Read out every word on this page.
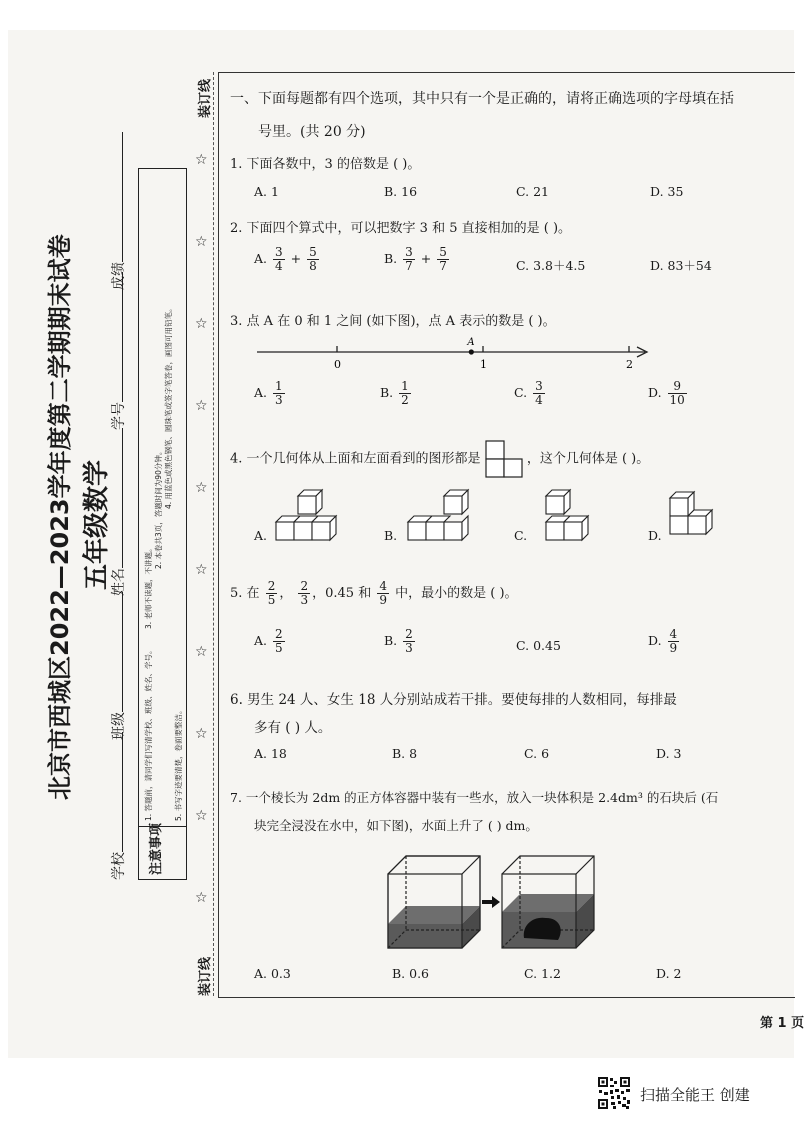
北京市西城区2022—2023学年度第二学期期末试卷 五年级数学
学校
班级
姓名
学号
成绩
注意事项
1. 答题前，请同学们写清学校、班级、姓名、学号。
2. 本卷共3页，答题时间为90分钟。
3. 老师不读题，不讲题。
4. 用蓝色或黑色钢笔、圆珠笔或签字笔答卷，画图可用铅笔。
5. 书写字迹要清楚，卷面要整洁。
装订线
装订线
☆
☆
☆
☆
☆
☆
☆
☆
☆
☆
一、下面每题都有四个选项，其中只有一个是正确的，请将正确选项的字母填在括
号里。(共 20 分)
1. 下面各数中，3 的倍数是 ( )。
A. 1	B. 16	C. 21	D. 35
2. 下面四个算式中，可以把数字 3 和 5 直接相加的是 ( )。
A. $\frac{3}{4} + \frac{5}{8}$	B. $\frac{3}{7} + \frac{5}{7}$	C. 3.8＋4.5	D. 83＋54
3. 点 A 在 0 和 1 之间 (如下图)，点 A 表示的数是 ( )。
A
0	1	2
A. $\frac{1}{3}$	B. $\frac{1}{2}$	C. $\frac{3}{4}$	D. $\frac{9}{10}$
4. 一个几何体从上面和左面看到的图形都是	，这个几何体是 ( )。
A.	B.	C.	D.
5. 在 $\frac{2}{5}$ ， $\frac{2}{3}$ ，0.45 和 $\frac{4}{9}$ 中，最小的数是 ( )。
A. $\frac{2}{5}$	B. $\frac{2}{3}$	C. 0.45	D. $\frac{4}{9}$
6. 男生 24 人、女生 18 人分别站成若干排。要使每排的人数相同，每排最
多有 ( ) 人。
A. 18	B. 8	C. 6	D. 3
7. 一个棱长为 2dm 的正方体容器中装有一些水，放入一块体积是 2.4dm³ 的石块后 (石
块完全浸没在水中，如下图)，水面上升了 ( ) dm。
A. 0.3	B. 0.6	C. 1.2	D. 2
第 1 页
扫描全能王 创建
